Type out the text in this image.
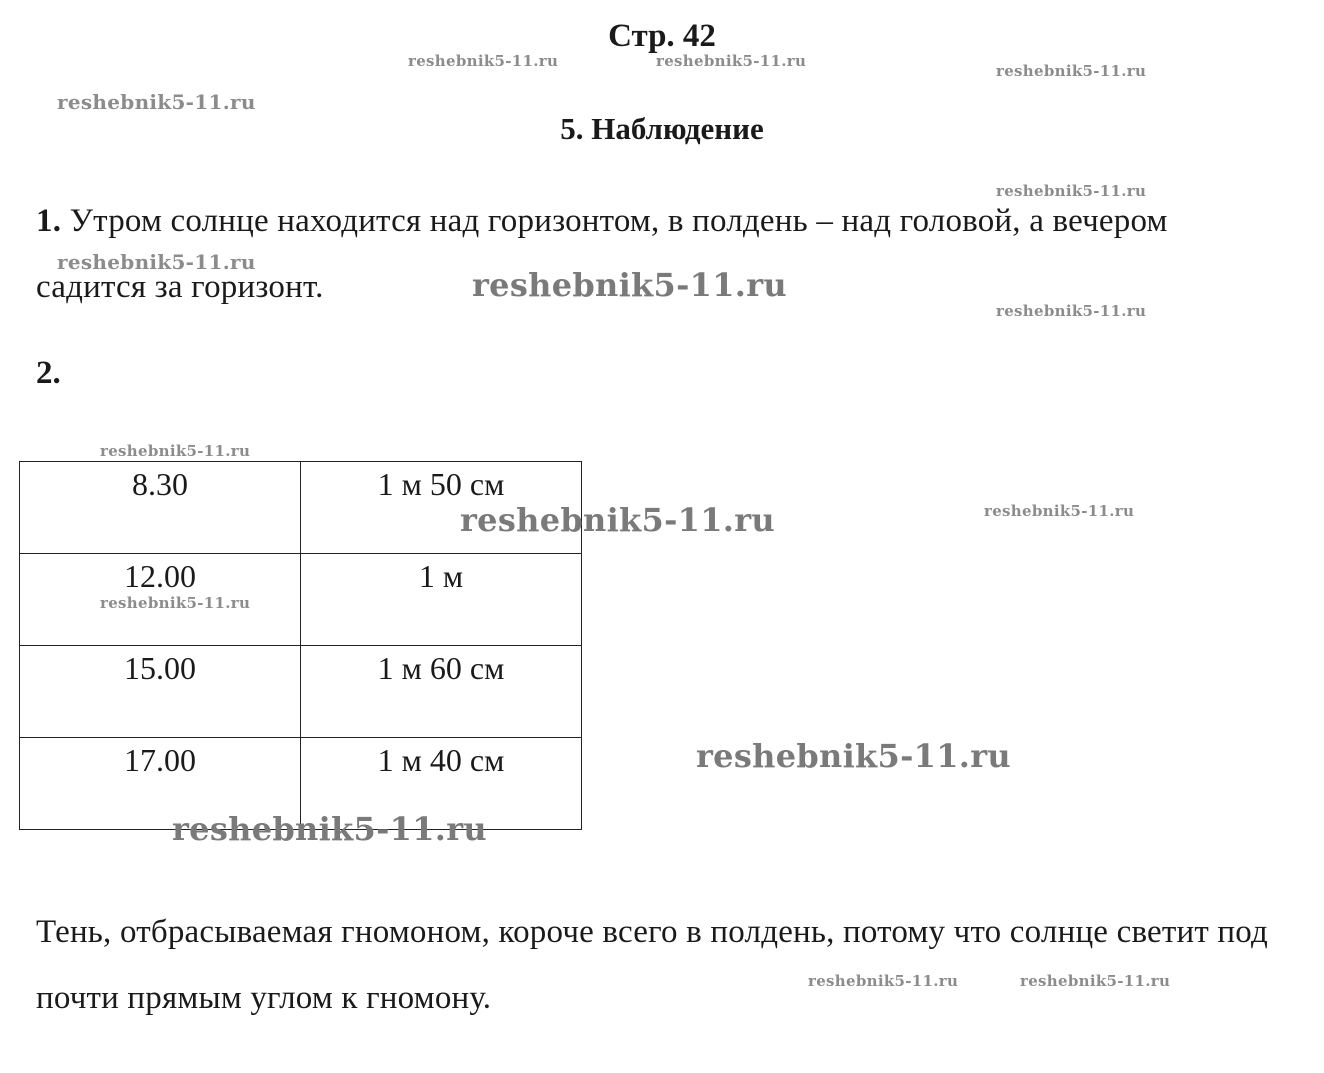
Стр. 42
5. Наблюдение
1. Утром солнце находится над горизонтом, в полдень – над головой, а вечером садится за горизонт.
2.
8.30	1 м 50 см
12.00	1 м
15.00	1 м 60 см
17.00	1 м 40 см
Тень, отбрасываемая гномоном, короче всего в полдень, потому что солнце светит под почти прямым углом к гномону.
reshebnik5-11.ru	reshebnik5-11.ru
reshebnik5-11.ru
reshebnik5-11.ru
reshebnik5-11.ru
reshebnik5-11.ru
reshebnik5-11.ru
reshebnik5-11.ru
reshebnik5-11.ru
reshebnik5-11.ru	reshebnik5-11.ru
reshebnik5-11.ru
reshebnik5-11.ru
reshebnik5-11.ru
reshebnik5-11.ru	reshebnik5-11.ru
